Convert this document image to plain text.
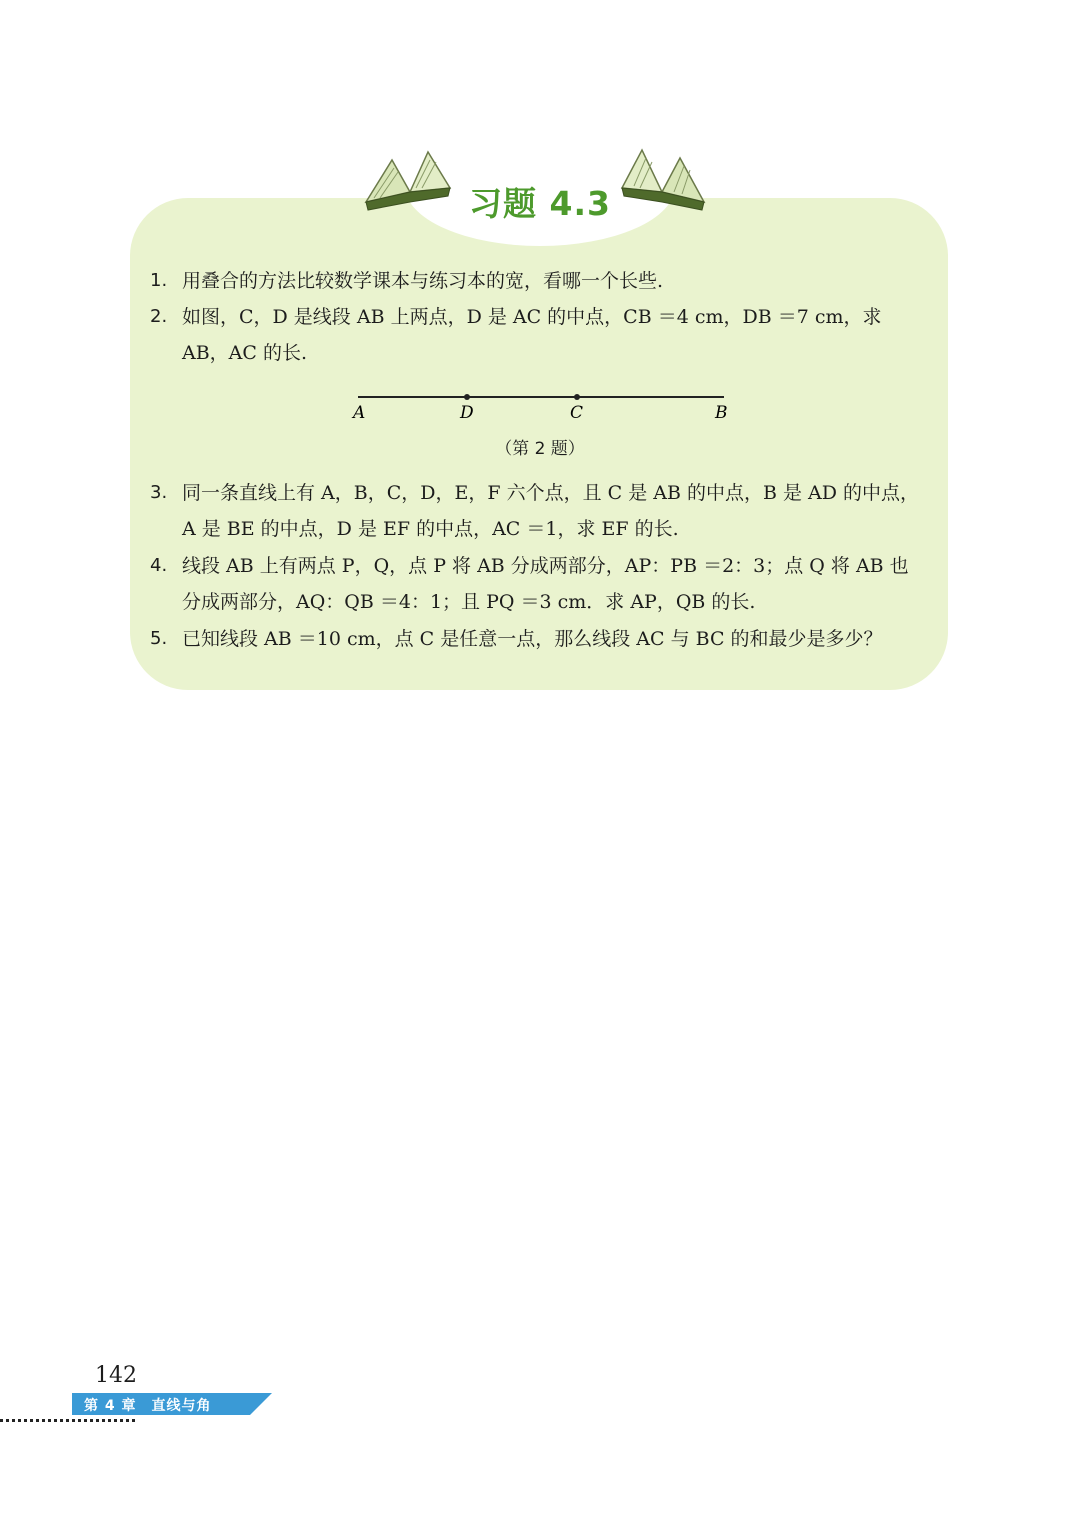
习题 4.3
1. 用叠合的方法比较数学课本与练习本的宽，看哪一个长些.
2. 如图，C，D 是线段 AB 上两点，D 是 AC 的中点，CB ＝4 cm，DB ＝7 cm，求 AB，AC 的长.
A	D	C	B
（第 2 题）
3. 同一条直线上有 A，B，C，D，E，F 六个点，且 C 是 AB 的中点，B 是 AD 的中点，A 是 BE 的中点，D 是 EF 的中点，AC ＝1，求 EF 的长.
4. 线段 AB 上有两点 P，Q，点 P 将 AB 分成两部分，AP：PB ＝2：3；点 Q 将 AB 也分成两部分，AQ：QB ＝4：1；且 PQ ＝3 cm．求 AP，QB 的长.
5. 已知线段 AB ＝10 cm，点 C 是任意一点，那么线段 AC 与 BC 的和最少是多少？
142
第 4 章　直线与角
